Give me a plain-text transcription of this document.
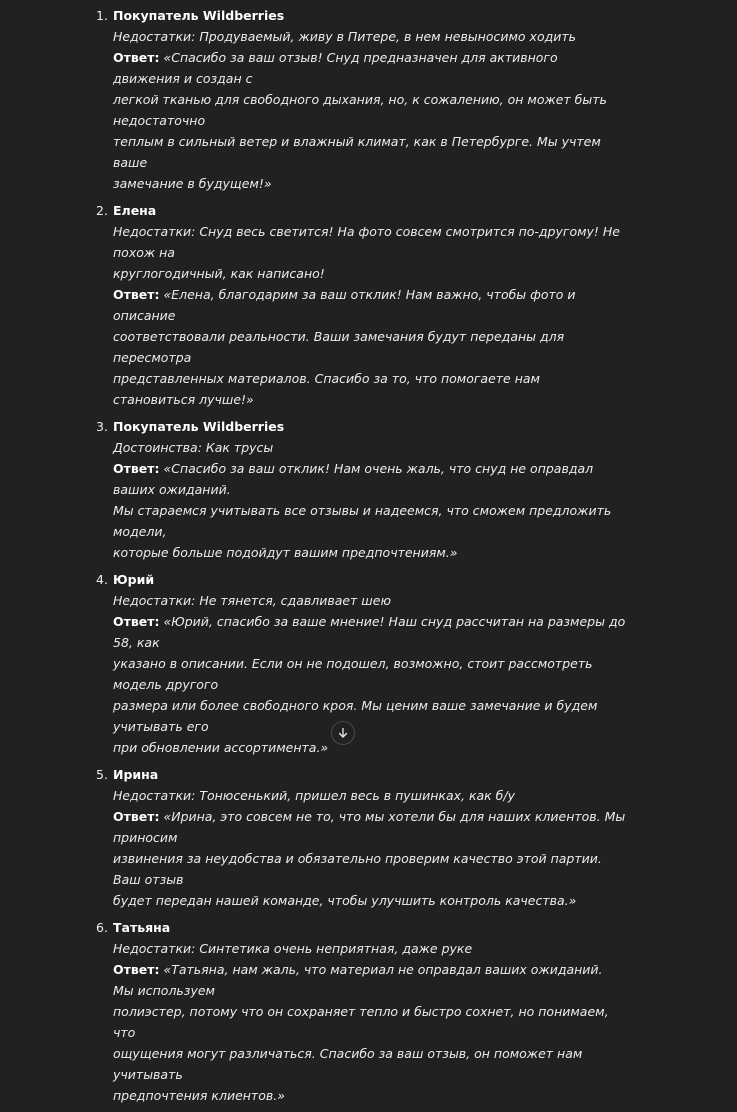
1. Покупатель Wildberries
Недостатки: Продуваемый, живу в Питере, в нем невыносимо ходить
Ответ: «Спасибо за ваш отзыв! Снуд предназначен для активного движения и создан с
легкой тканью для свободного дыхания, но, к сожалению, он может быть недостаточно
теплым в сильный ветер и влажный климат, как в Петербурге. Мы учтем ваше
замечание в будущем!»
2. Елена
Недостатки: Снуд весь светится! На фото совсем смотрится по-другому! Не похож на
круглогодичный, как написано!
Ответ: «Елена, благодарим за ваш отклик! Нам важно, чтобы фото и описание
соответствовали реальности. Ваши замечания будут переданы для пересмотра
представленных материалов. Спасибо за то, что помогаете нам становиться лучше!»
3. Покупатель Wildberries
Достоинства: Как трусы
Ответ: «Спасибо за ваш отклик! Нам очень жаль, что снуд не оправдал ваших ожиданий.
Мы стараемся учитывать все отзывы и надеемся, что сможем предложить модели,
которые больше подойдут вашим предпочтениям.»
4. Юрий
Недостатки: Не тянется, сдавливает шею
Ответ: «Юрий, спасибо за ваше мнение! Наш снуд рассчитан на размеры до 58, как
указано в описании. Если он не подошел, возможно, стоит рассмотреть модель другого
размера или более свободного кроя. Мы ценим ваше замечание и будем учитывать его
при обновлении ассортимента.»
5. Ирина
Недостатки: Тонюсенький, пришел весь в пушинках, как б/у
Ответ: «Ирина, это совсем не то, что мы хотели бы для наших клиентов. Мы приносим
извинения за неудобства и обязательно проверим качество этой партии. Ваш отзыв
будет передан нашей команде, чтобы улучшить контроль качества.»
6. Татьяна
Недостатки: Синтетика очень неприятная, даже руке
Ответ: «Татьяна, нам жаль, что материал не оправдал ваших ожиданий. Мы используем
полиэстер, потому что он сохраняет тепло и быстро сохнет, но понимаем, что
ощущения могут различаться. Спасибо за ваш отзыв, он поможет нам учитывать
предпочтения клиентов.»
